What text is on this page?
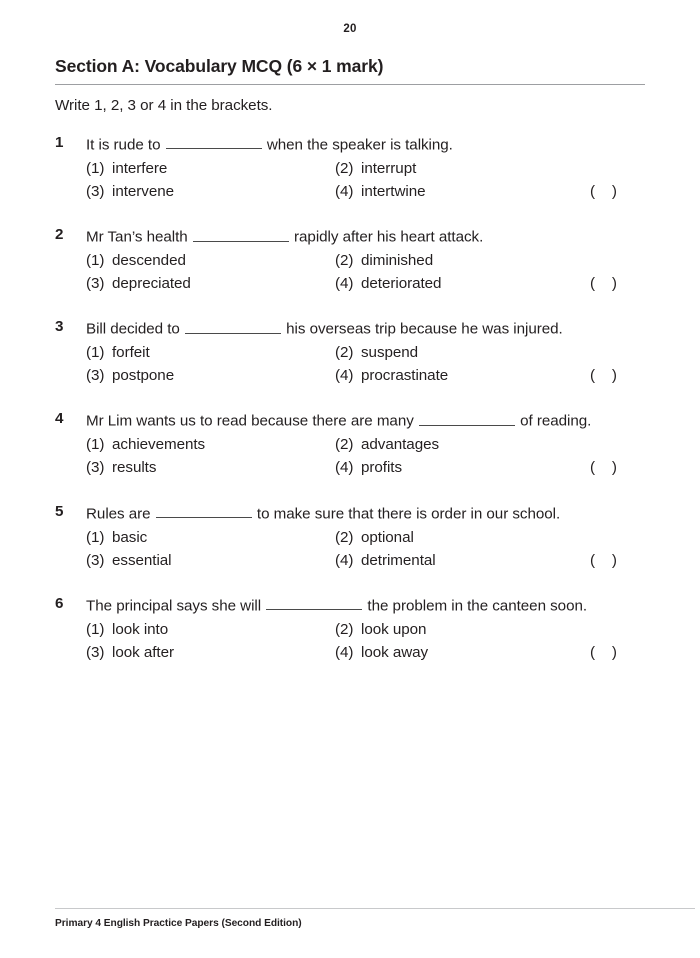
20
Section A: Vocabulary MCQ (6 × 1 mark)
Write 1, 2, 3 or 4 in the brackets.
1	It is rude to	when the speaker is talking.
(1) interfere	(2) interrupt
(3) intervene	(4) intertwine	(    )
2	Mr Tan’s health	rapidly after his heart attack.
(1) descended	(2) diminished
(3) depreciated	(4) deteriorated	(    )
3	Bill decided to	his overseas trip because he was injured.
(1) forfeit	(2) suspend
(3) postpone	(4) procrastinate	(    )
4	Mr Lim wants us to read because there are many	of reading.
(1) achievements	(2) advantages
(3) results	(4) profits	(    )
5	Rules are	to make sure that there is order in our school.
(1) basic	(2) optional
(3) essential	(4) detrimental	(    )
6	The principal says she will	the problem in the canteen soon.
(1) look into	(2) look upon
(3) look after	(4) look away	(    )
Primary 4 English Practice Papers (Second Edition)
